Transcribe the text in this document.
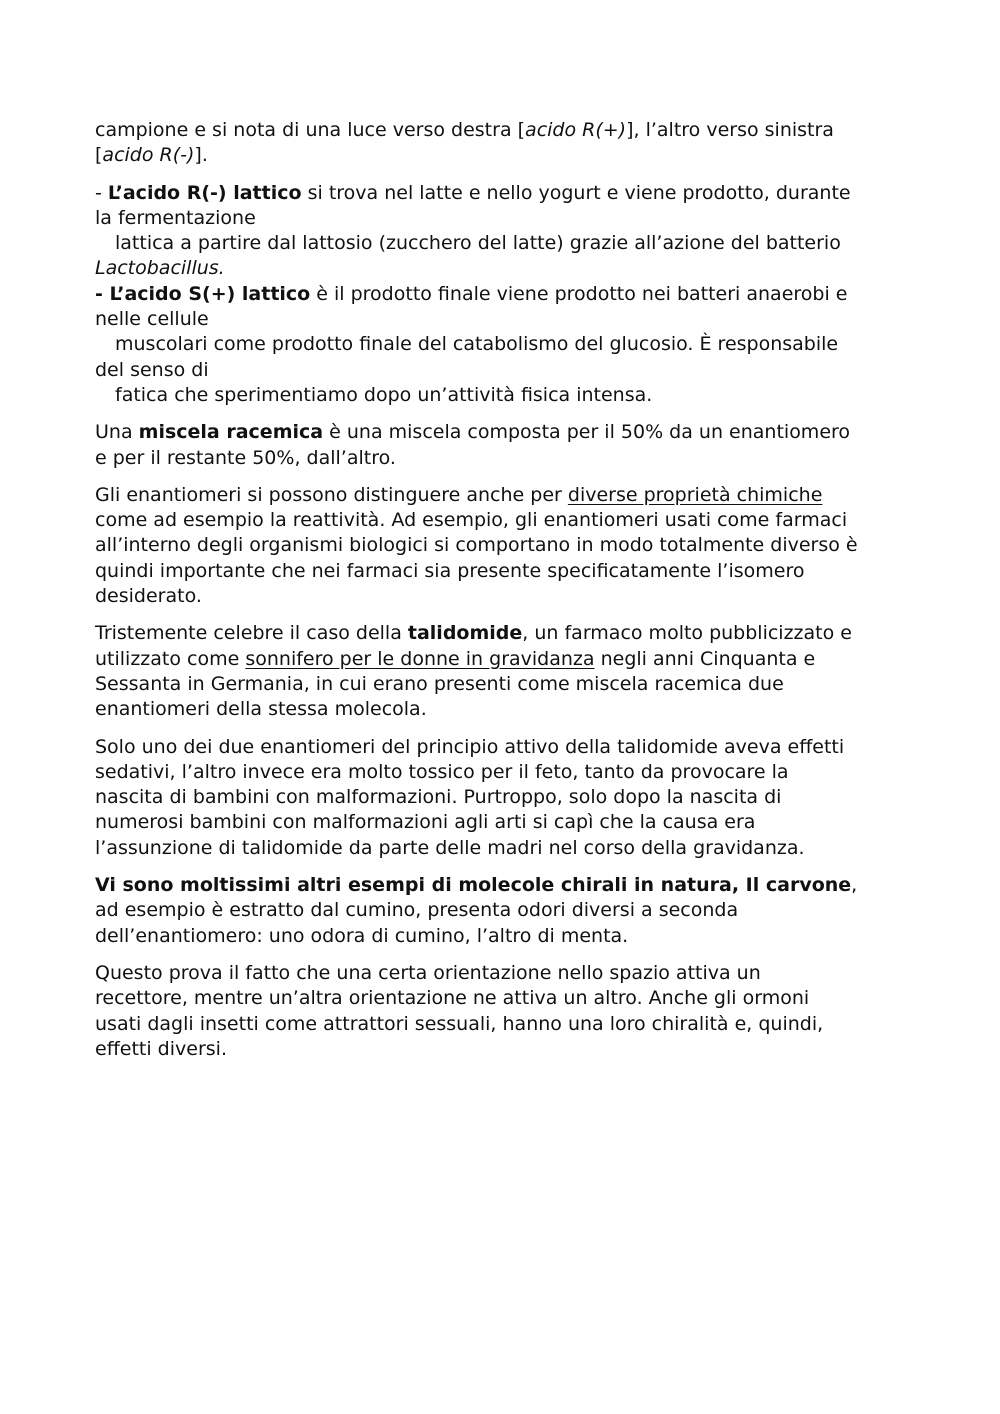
campione e si nota di una luce verso destra [acido R(+)], l’altro verso sinistra
[acido R(-)].

- L’acido R(-) lattico si trova nel latte e nello yogurt e viene prodotto, durante
la fermentazione
lattica a partire dal lattosio (zucchero del latte) grazie all’azione del batterio
Lactobacillus.
- L’acido S(+) lattico è il prodotto finale viene prodotto nei batteri anaerobi e
nelle cellule
muscolari come prodotto finale del catabolismo del glucosio. È responsabile
del senso di
fatica che sperimentiamo dopo un’attività fisica intensa.

Una miscela racemica è una miscela composta per il 50% da un enantiomero
e per il restante 50%, dall’altro.

Gli enantiomeri si possono distinguere anche per diverse proprietà chimiche
come ad esempio la reattività. Ad esempio, gli enantiomeri usati come farmaci
all’interno degli organismi biologici si comportano in modo totalmente diverso è
quindi importante che nei farmaci sia presente specificatamente l’isomero
desiderato.

Tristemente celebre il caso della talidomide, un farmaco molto pubblicizzato e
utilizzato come sonnifero per le donne in gravidanza negli anni Cinquanta e
Sessanta in Germania, in cui erano presenti come miscela racemica due
enantiomeri della stessa molecola.

Solo uno dei due enantiomeri del principio attivo della talidomide aveva effetti
sedativi, l’altro invece era molto tossico per il feto, tanto da provocare la
nascita di bambini con malformazioni. Purtroppo, solo dopo la nascita di
numerosi bambini con malformazioni agli arti si capì che la causa era
l’assunzione di talidomide da parte delle madri nel corso della gravidanza.

Vi sono moltissimi altri esempi di molecole chirali in natura, Il carvone,
ad esempio è estratto dal cumino, presenta odori diversi a seconda
dell’enantiomero: uno odora di cumino, l’altro di menta.

Questo prova il fatto che una certa orientazione nello spazio attiva un
recettore, mentre un’altra orientazione ne attiva un altro. Anche gli ormoni
usati dagli insetti come attrattori sessuali, hanno una loro chiralità e, quindi,
effetti diversi.
